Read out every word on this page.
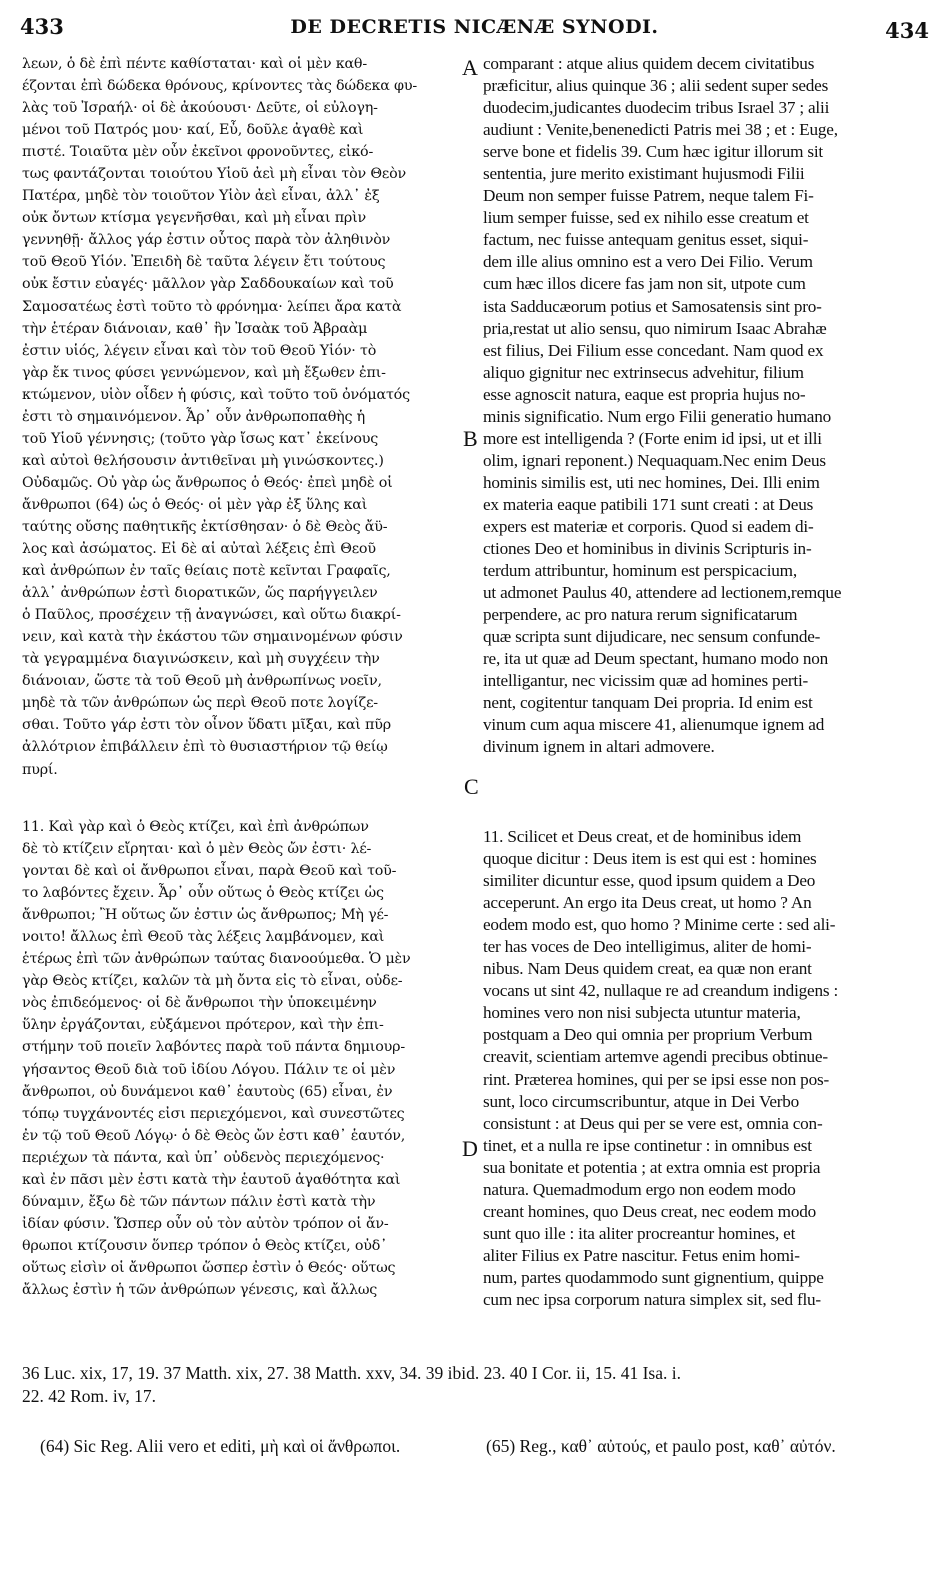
433	DE DECRETIS NICÆNÆ SYNODI.	434
λεων, ὁ δὲ ἐπὶ πέντε καθίσταται· καὶ οἱ μὲν καθ-
έζονται ἐπὶ δώδεκα θρόνους, κρίνοντες τὰς δώδεκα φυ-
λὰς τοῦ Ἰσραήλ· οἱ δὲ ἀκούουσι· Δεῦτε, οἱ εὐλογη-
μένοι τοῦ Πατρός μου· καί, Εὖ, δοῦλε ἀγαθὲ καὶ
πιστέ. Τοιαῦτα μὲν οὖν ἐκεῖνοι φρονοῦντες, εἰκό-
τως φαντάζονται τοιούτου Υἱοῦ ἀεὶ μὴ εἶναι τὸν Θεὸν
Πατέρα, μηδὲ τὸν τοιοῦτον Υἱὸν ἀεὶ εἶναι, ἀλλ᾿ ἐξ
οὐκ ὄντων κτίσμα γεγενῆσθαι, καὶ μὴ εἶναι πρὶν
γεννηθῇ· ἄλλος γάρ ἐστιν οὗτος παρὰ τὸν ἀληθινὸν
τοῦ Θεοῦ Υἱόν. Ἐπειδὴ δὲ ταῦτα λέγειν ἔτι τούτους
οὐκ ἔστιν εὐαγές· μᾶλλον γὰρ Σαδδουκαίων καὶ τοῦ
Σαμοσατέως ἐστὶ τοῦτο τὸ φρόνημα· λείπει ἄρα κατὰ
τὴν ἑτέραν διάνοιαν, καθ᾿ ἣν Ἰσαὰκ τοῦ Ἀβραὰμ
ἐστιν υἱός, λέγειν εἶναι καὶ τὸν τοῦ Θεοῦ Υἱόν· τὸ
γὰρ ἔκ τινος φύσει γεννώμενον, καὶ μὴ ἔξωθεν ἐπι-
κτώμενον, υἱὸν οἶδεν ἡ φύσις, καὶ τοῦτο τοῦ ὀνόματός
ἐστι τὸ σημαινόμενον. Ἆρ᾿ οὖν ἀνθρωποπαθὴς ἡ
τοῦ Υἱοῦ γέννησις; (τοῦτο γὰρ ἴσως κατ᾿ ἐκείνους
καὶ αὐτοὶ θελήσουσιν ἀντιθεῖναι μὴ γινώσκοντες.)
Οὐδαμῶς. Οὐ γὰρ ὡς ἄνθρωπος ὁ Θεός· ἐπεὶ μηδὲ οἱ
ἄνθρωποι (64) ὡς ὁ Θεός· οἱ μὲν γὰρ ἐξ ὕλης καὶ
ταύτης οὔσης παθητικῆς ἐκτίσθησαν· ὁ δὲ Θεὸς ἄϋ-
λος καὶ ἀσώματος. Εἰ δὲ αἱ αὐταὶ λέξεις ἐπὶ Θεοῦ
καὶ ἀνθρώπων ἐν ταῖς θείαις ποτὲ κεῖνται Γραφαῖς,
ἀλλ᾿ ἀνθρώπων ἐστὶ διορατικῶν, ὥς παρήγγειλεν
ὁ Παῦλος, προσέχειν τῇ ἀναγνώσει, καὶ οὕτω διακρί-
νειν, καὶ κατὰ τὴν ἑκάστου τῶν σημαινομένων φύσιν
τὰ γεγραμμένα διαγινώσκειν, καὶ μὴ συγχέειν τὴν
διάνοιαν, ὥστε τὰ τοῦ Θεοῦ μὴ ἀνθρωπίνως νοεῖν,
μηδὲ τὰ τῶν ἀνθρώπων ὡς περὶ Θεοῦ ποτε λογίζε-
σθαι. Τοῦτο γάρ ἐστι τὸν οἶνον ὕδατι μῖξαι, καὶ πῦρ
ἀλλότριον ἐπιβάλλειν ἐπὶ τὸ θυσιαστήριον τῷ θείῳ
πυρί.
11. Καὶ γὰρ καὶ ὁ Θεὸς κτίζει, καὶ ἐπὶ ἀνθρώπων
δὲ τὸ κτίζειν εἴρηται· καὶ ὁ μὲν Θεὸς ὤν ἐστι· λέ-
γονται δὲ καὶ οἱ ἄνθρωποι εἶναι, παρὰ Θεοῦ καὶ τοῦ-
το λαβόντες ἔχειν. Ἆρ᾿ οὖν οὕτως ὁ Θεὸς κτίζει ὡς
ἄνθρωποι; Ἢ οὕτως ὤν ἐστιν ὡς ἄνθρωπος; Μὴ γέ-
νοιτο! ἄλλως ἐπὶ Θεοῦ τὰς λέξεις λαμβάνομεν, καὶ
ἑτέρως ἐπὶ τῶν ἀνθρώπων ταύτας διανοούμεθα. Ὁ μὲν
γὰρ Θεὸς κτίζει, καλῶν τὰ μὴ ὄντα εἰς τὸ εἶναι, οὐδε-
νὸς ἐπιδεόμενος· οἱ δὲ ἄνθρωποι τὴν ὑποκειμένην
ὕλην ἐργάζονται, εὐξάμενοι πρότερον, καὶ τὴν ἐπι-
στήμην τοῦ ποιεῖν λαβόντες παρὰ τοῦ πάντα δημιουρ-
γήσαντος Θεοῦ διὰ τοῦ ἰδίου Λόγου. Πάλιν τε οἱ μὲν
ἄνθρωποι, οὐ δυνάμενοι καθ᾿ ἑαυτοὺς (65) εἶναι, ἐν
τόπῳ τυγχάνοντές εἰσι περιεχόμενοι, καὶ συνεστῶτες
ἐν τῷ τοῦ Θεοῦ Λόγῳ· ὁ δὲ Θεὸς ὤν ἐστι καθ᾿ ἑαυτόν,
περιέχων τὰ πάντα, καὶ ὑπ᾿ οὐδενὸς περιεχόμενος·
καὶ ἐν πᾶσι μὲν ἐστι κατὰ τὴν ἑαυτοῦ ἀγαθότητα καὶ
δύναμιν, ἔξω δὲ τῶν πάντων πάλιν ἐστὶ κατὰ τὴν
ἰδίαν φύσιν. Ὥσπερ οὖν οὐ τὸν αὐτὸν τρόπον οἱ ἄν-
θρωποι κτίζουσιν ὅνπερ τρόπον ὁ Θεὸς κτίζει, οὐδ᾿
οὕτως εἰσὶν οἱ ἄνθρωποι ὥσπερ ἐστὶν ὁ Θεός· οὕτως
ἄλλως ἐστὶν ἡ τῶν ἀνθρώπων γένεσις, καὶ ἄλλως
comparant : atque alius quidem decem civitatibus
præficitur, alius quinque 36 ; alii sedent super sedes
duodecim,judicantes duodecim tribus Israel 37 ; alii
audiunt : Venite,benenedicti Patris mei 38 ; et : Euge,
serve bone et fidelis 39. Cum hæc igitur illorum sit
sententia, jure merito existimant hujusmodi Filii
Deum non semper fuisse Patrem, neque talem Fi-
lium semper fuisse, sed ex nihilo esse creatum et
factum, nec fuisse antequam genitus esset, siqui-
dem ille alius omnino est a vero Dei Filio. Verum
cum hæc illos dicere fas jam non sit, utpote cum
ista Sadducæorum potius et Samosatensis sint pro-
pria,restat ut alio sensu, quo nimirum Isaac Abrahæ
est filius, Dei Filium esse concedant. Nam quod ex
aliquo gignitur nec extrinsecus advehitur, filium
esse agnoscit natura, eaque est propria hujus no-
minis significatio. Num ergo Filii generatio humano
more est intelligenda ? (Forte enim id ipsi, ut et illi
olim, ignari reponent.) Nequaquam.Nec enim Deus
hominis similis est, uti nec homines, Dei. Illi enim
ex materia eaque patibili 171 sunt creati : at Deus
expers est materiæ et corporis. Quod si eadem di-
ctiones Deo et hominibus in divinis Scripturis in-
terdum attribuntur, hominum est perspicacium,
ut admonet Paulus 40, attendere ad lectionem,remque
perpendere, ac pro natura rerum significatarum
quæ scripta sunt dijudicare, nec sensum confunde-
re, ita ut quæ ad Deum spectant, humano modo non
intelligantur, nec vicissim quæ ad homines perti-
nent, cogitentur tanquam Dei propria. Id enim est
vinum cum aqua miscere 41, alienumque ignem ad
divinum ignem in altari admovere.
11. Scilicet et Deus creat, et de hominibus idem
quoque dicitur : Deus item is est qui est : homines
similiter dicuntur esse, quod ipsum quidem a Deo
acceperunt. An ergo ita Deus creat, ut homo ? An
eodem modo est, quo homo ? Minime certe : sed ali-
ter has voces de Deo intelligimus, aliter de homi-
nibus. Nam Deus quidem creat, ea quæ non erant
vocans ut sint 42, nullaque re ad creandum indigens :
homines vero non nisi subjecta utuntur materia,
postquam a Deo qui omnia per proprium Verbum
creavit, scientiam artemve agendi precibus obtinue-
rint. Præterea homines, qui per se ipsi esse non pos-
sunt, loco circumscribuntur, atque in Dei Verbo
consistunt : at Deus qui per se vere est, omnia con-
tinet, et a nulla re ipse continetur : in omnibus est
sua bonitate et potentia ; at extra omnia est propria
natura. Quemadmodum ergo non eodem modo
creant homines, quo Deus creat, nec eodem modo
sunt quo ille : ita aliter procreantur homines, et
aliter Filius ex Patre nascitur. Fetus enim homi-
num, partes quodammodo sunt gignentium, quippe
cum nec ipsa corporum natura simplex sit, sed flu-
A
B
C
D
36 Luc. xix, 17, 19. 37 Matth. xix, 27. 38 Matth. xxv, 34. 39 ibid. 23. 40 I Cor. ii, 15. 41 Isa. i.
22. 42 Rom. iv, 17.
(64) Sic Reg. Alii vero et editi, μὴ καὶ οἱ ἄνθρωποι.	(65) Reg., καθ᾿ αὐτούς, et paulo post, καθ᾿ αὐτόν.
